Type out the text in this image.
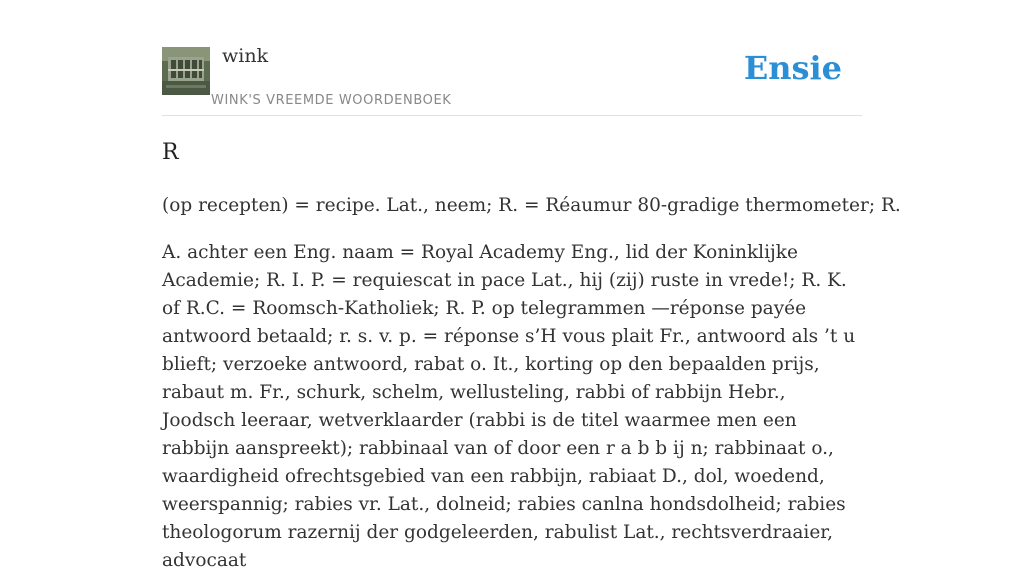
wink
WINK'S VREEMDE WOORDENBOEK
Ensie
R

(op recepten) = recipe. Lat., neem; R. = Réaumur 80-gradige thermometer; R.

A. achter een Eng. naam = Royal Academy Eng., lid der Koninklijke Academie; R. I. P. = requiescat in pace Lat., hij (zij) ruste in vrede!; R. K. of R.C. = Roomsch-Katholiek; R. P. op telegrammen —réponse payée antwoord betaald; r. s. v. p. = réponse s’H vous plait Fr., antwoord als ’t u blieft; verzoeke antwoord, rabat o. It., korting op den bepaalden prijs, rabaut m. Fr., schurk, schelm, wellusteling, rabbi of rabbijn Hebr., Joodsch leeraar, wetverklaarder (rabbi is de titel waarmee men een rabbijn aanspreekt); rabbinaal van of door een r a b b ij n; rabbinaat o., waardigheid ofrechtsgebied van een rabbijn, rabiaat D., dol, woedend, weerspannig; rabies vr. Lat., dolneid; rabies canlna hondsdolheid; rabies theologorum razernij der godgeleerden, rabulist Lat., rechtsverdraaier, advocaat
